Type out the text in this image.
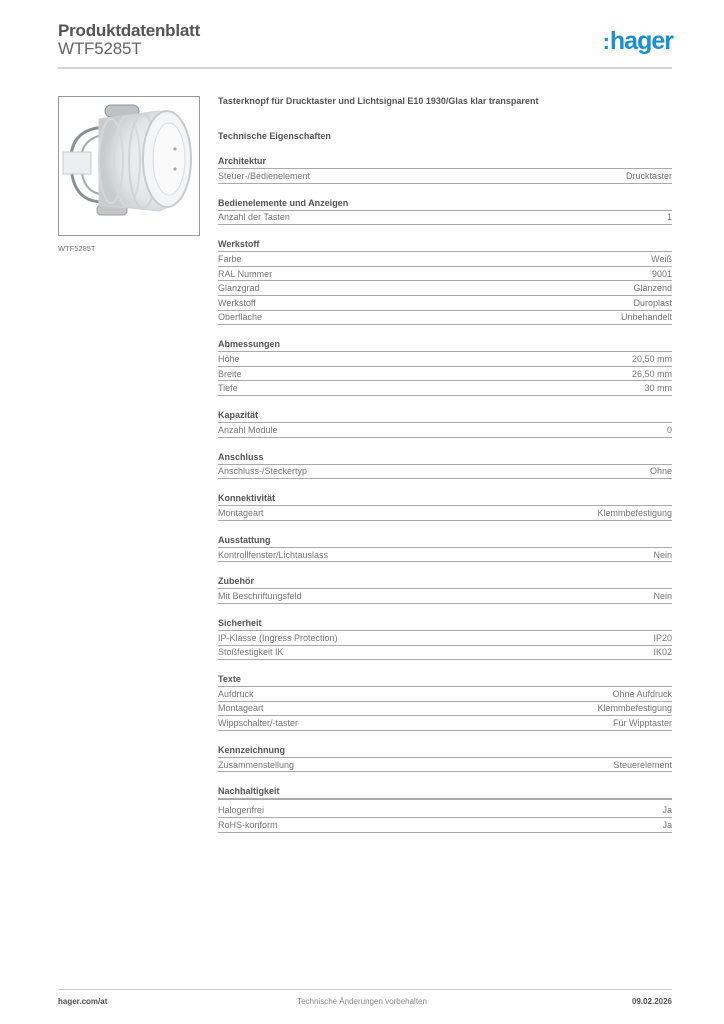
Produktdatenblatt
WTF5285T	:hager
WTF5285T
Tasterknopf für Drucktaster und Lichtsignal E10 1930/Glas klar transparent
Technische Eigenschaften
Architektur
Steuer-/Bedienelement	Drucktaster
Bedienelemente und Anzeigen
Anzahl der Tasten	1
Werkstoff
Farbe	Weiß
RAL Nummer	9001
Glanzgrad	Glänzend
Werkstoff	Duroplast
Oberfläche	Unbehandelt
Abmessungen
Höhe	20,50 mm
Breite	26,50 mm
Tiefe	30 mm
Kapazität
Anzahl Module	0
Anschluss
Anschluss-/Steckertyp	Ohne
Konnektivität
Montageart	Klemmbefestigung
Ausstattung
Kontrollfenster/Lichtauslass	Nein
Zubehör
Mit Beschriftungsfeld	Nein
Sicherheit
IP-Klasse (Ingress Protection)	IP20
Stoßfestigkeit IK	IK02
Texte
Aufdruck	Ohne Aufdruck
Montageart	Klemmbefestigung
Wippschalter/-taster	Für Wipptaster
Kennzeichnung
Zusammenstellung	Steuerelement
Nachhaltigkeit
Halogenfrei	Ja
RoHS-konform	Ja
hager.com/at	Technische Änderungen vorbehalten	09.02.2026
